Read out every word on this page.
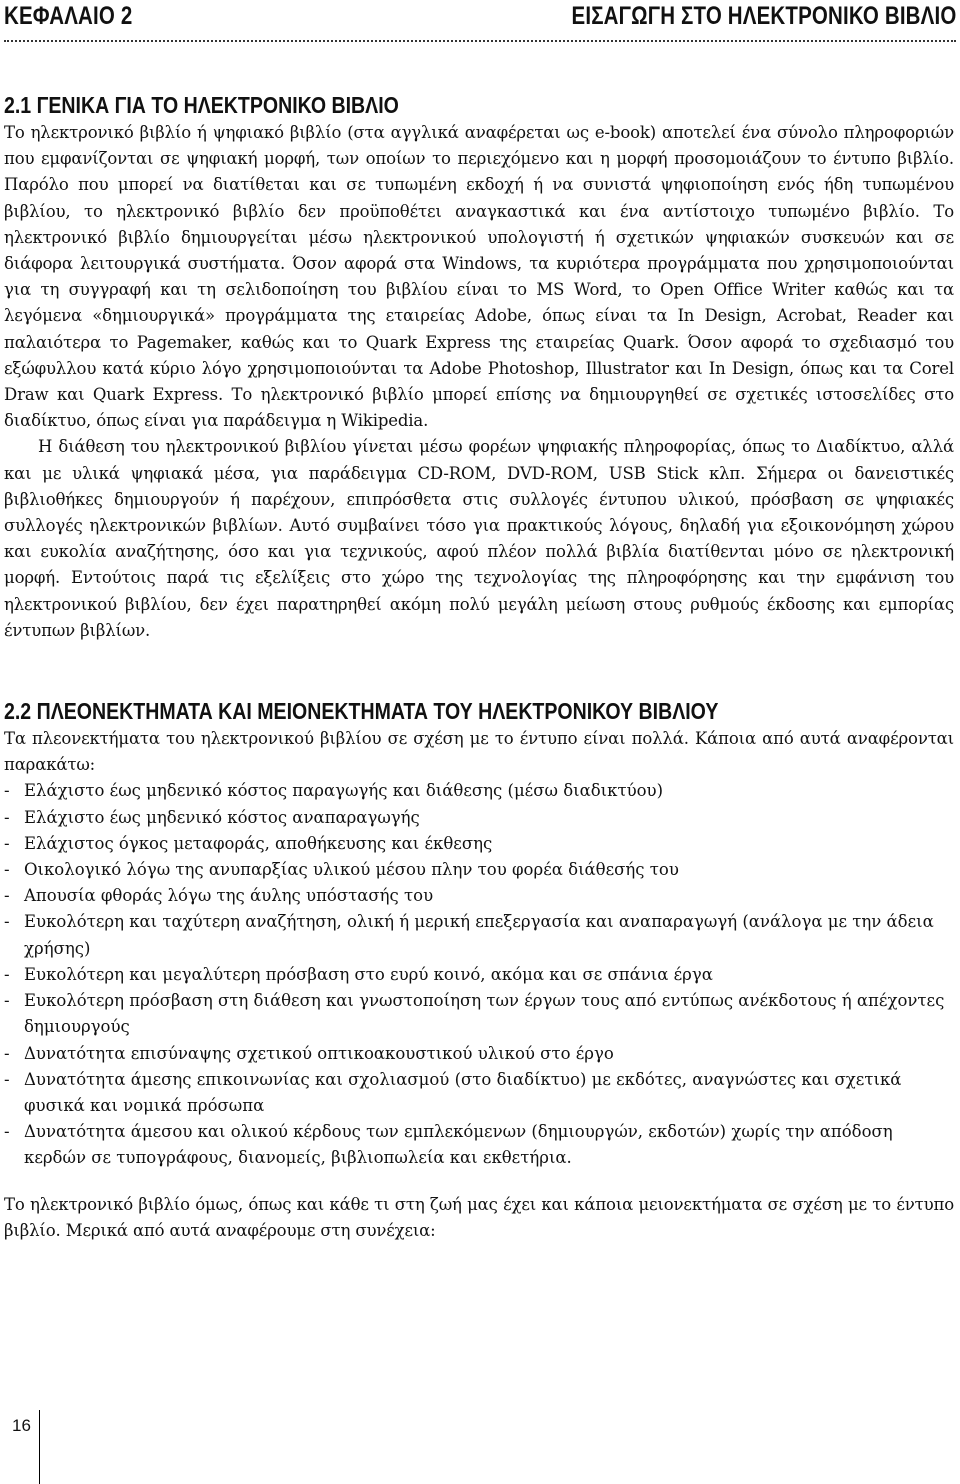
ΚΕΦΑΛΑΙΟ 2	ΕΙΣΑΓΩΓΗ ΣΤΟ ΗΛΕΚΤΡΟΝΙΚΟ ΒΙΒΛΙΟ
2.1 ΓΕΝΙΚΑ ΓΙΑ ΤΟ ΗΛΕΚΤΡΟΝΙΚΟ ΒΙΒΛΙΟ

Το ηλεκτρονικό βιβλίο ή ψηφιακό βιβλίο (στα αγγλικά αναφέρεται ως e-book) αποτελεί ένα σύνολο πληροφοριών που εμφανίζονται σε ψηφιακή μορφή, των οποίων το περιεχόμενο και η μορφή προσομοιάζουν το έντυπο βιβλίο. Παρόλο που μπορεί να διατίθεται και σε τυπωμένη εκδοχή ή να συνιστά ψηφιοποίηση ενός ήδη τυπωμένου βιβλίου, το ηλεκτρονικό βιβλίο δεν προϋποθέτει αναγκαστικά και ένα αντίστοιχο τυπωμένο βιβλίο. Το ηλεκτρονικό βιβλίο δημιουργείται μέσω ηλεκτρονικού υπολογιστή ή σχετικών ψηφιακών συσκευών και σε διάφορα λειτουργικά συστήματα. Όσον αφορά στα Windows, τα κυριότερα προγράμματα που χρησιμοποιούνται για τη συγγραφή και τη σελιδοποίηση του βιβλίου είναι το MS Word, το Open Office Writer καθώς και τα λεγόμενα «δημιουργικά» προγράμματα της εταιρείας Adobe, όπως είναι τα In Design, Acrobat, Reader και παλαιότερα το Pagemaker, καθώς και το Quark Express της εταιρείας Quark. Όσον αφορά το σχεδιασμό του εξώφυλλου κατά κύριο λόγο χρησιμοποιούνται τα Adobe Photoshop, Illustrator και In Design, όπως και τα Corel Draw και Quark Express. Το ηλεκτρονικό βιβλίο μπορεί επίσης να δημιουργηθεί σε σχετικές ιστοσελίδες στο διαδίκτυο, όπως είναι για παράδειγμα η Wikipedia.

Η διάθεση του ηλεκτρονικού βιβλίου γίνεται μέσω φορέων ψηφιακής πληροφορίας, όπως το Διαδίκτυο, αλλά και με υλικά ψηφιακά μέσα, για παράδειγμα CD-ROM, DVD-ROM, USB Stick κλπ. Σήμερα οι δανειστικές βιβλιοθήκες δημιουργούν ή παρέχουν, επιπρόσθετα στις συλλογές έντυπου υλικού, πρόσβαση σε ψηφιακές συλλογές ηλεκτρονικών βιβλίων. Αυτό συμβαίνει τόσο για πρακτικούς λόγους, δηλαδή για εξοικονόμηση χώρου και ευκολία αναζήτησης, όσο και για τεχνικούς, αφού πλέον πολλά βιβλία διατίθενται μόνο σε ηλεκτρονική μορφή. Εντούτοις παρά τις εξελίξεις στο χώρο της τεχνολογίας της πληροφόρησης και την εμφάνιση του ηλεκτρονικού βιβλίου, δεν έχει παρατηρηθεί ακόμη πολύ μεγάλη μείωση στους ρυθμούς έκδοσης και εμπορίας έντυπων βιβλίων.

2.2 ΠΛΕΟΝΕΚΤΗΜΑΤΑ ΚΑΙ ΜΕΙΟΝΕΚΤΗΜΑΤΑ ΤΟΥ ΗΛΕΚΤΡΟΝΙΚΟΥ ΒΙΒΛΙΟΥ

Τα πλεονεκτήματα του ηλεκτρονικού βιβλίου σε σχέση με το έντυπο είναι πολλά. Κάποια από αυτά αναφέρονται παρακάτω:

- Ελάχιστο έως μηδενικό κόστος παραγωγής και διάθεσης (μέσω διαδικτύου)
- Ελάχιστο έως μηδενικό κόστος αναπαραγωγής
- Ελάχιστος όγκος μεταφοράς, αποθήκευσης και έκθεσης
- Οικολογικό λόγω της ανυπαρξίας υλικού μέσου πλην του φορέα διάθεσής του
- Απουσία φθοράς λόγω της άυλης υπόστασής του
- Ευκολότερη και ταχύτερη αναζήτηση, ολική ή μερική επεξεργασία και αναπαραγωγή (ανάλογα με την άδεια χρήσης)
- Ευκολότερη και μεγαλύτερη πρόσβαση στο ευρύ κοινό, ακόμα και σε σπάνια έργα
- Ευκολότερη πρόσβαση στη διάθεση και γνωστοποίηση των έργων τους από εντύπως ανέκδοτους ή απέχοντες δημιουργούς
- Δυνατότητα επισύναψης σχετικού οπτικοακουστικού υλικού στο έργο
- Δυνατότητα άμεσης επικοινωνίας και σχολιασμού (στο διαδίκτυο) με εκδότες, αναγνώστες και σχετικά φυσικά και νομικά πρόσωπα
- Δυνατότητα άμεσου και ολικού κέρδους των εμπλεκόμενων (δημιουργών, εκδοτών) χωρίς την απόδοση κερδών σε τυπογράφους, διανομείς, βιβλιοπωλεία και εκθετήρια.

Το ηλεκτρονικό βιβλίο όμως, όπως και κάθε τι στη ζωή μας έχει και κάποια μειονεκτήματα σε σχέση με το έντυπο βιβλίο. Μερικά από αυτά αναφέρουμε στη συνέχεια:

16
